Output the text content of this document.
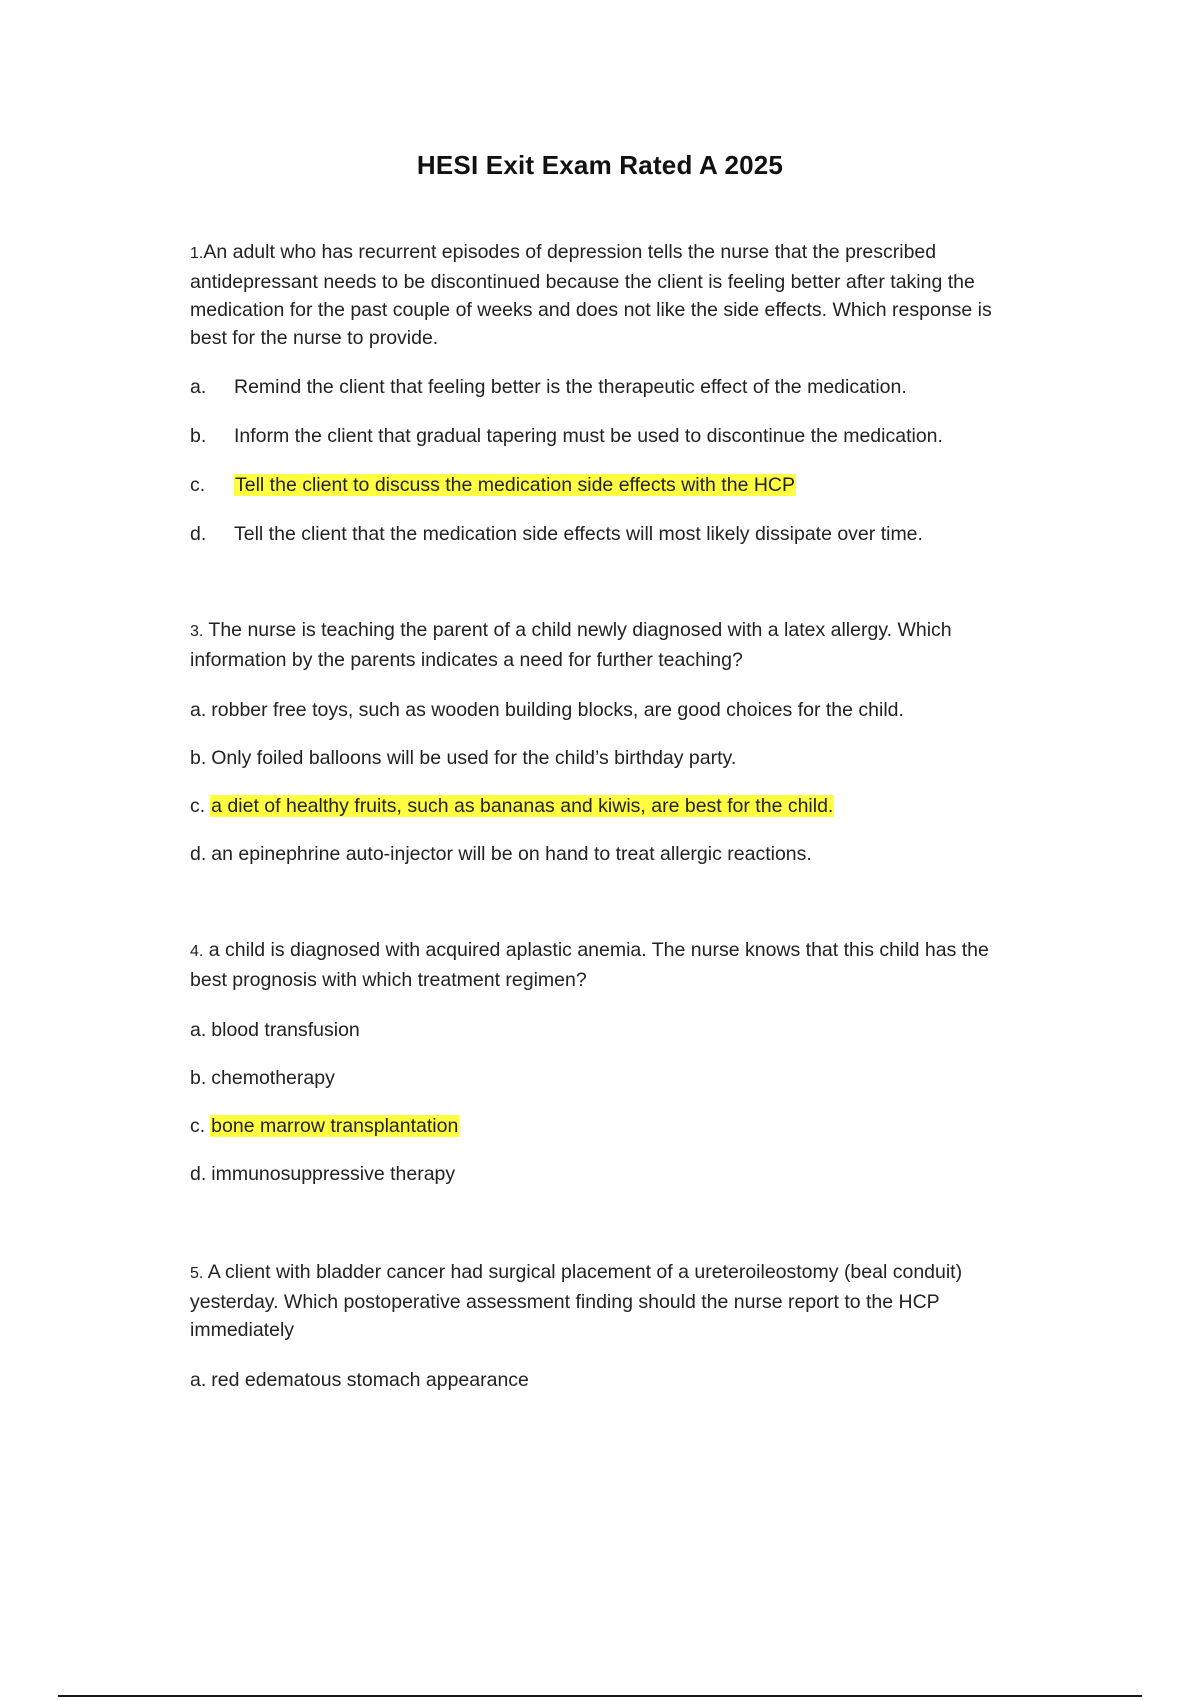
HESI Exit Exam Rated A 2025

1.An adult who has recurrent episodes of depression tells the nurse that the prescribed antidepressant needs to be discontinued because the client is feeling better after taking the medication for the past couple of weeks and does not like the side effects. Which response is best for the nurse to provide.

a.	Remind the client that feeling better is the therapeutic effect of the medication.
b.	Inform the client that gradual tapering must be used to discontinue the medication.
c.	Tell the client to discuss the medication side effects with the HCP
d.	Tell the client that the medication side effects will most likely dissipate over time.

3. The nurse is teaching the parent of a child newly diagnosed with a latex allergy. Which information by the parents indicates a need for further teaching?

a. robber free toys, such as wooden building blocks, are good choices for the child.
b. Only foiled balloons will be used for the child’s birthday party.
c. a diet of healthy fruits, such as bananas and kiwis, are best for the child.
d. an epinephrine auto-injector will be on hand to treat allergic reactions.

4. a child is diagnosed with acquired aplastic anemia. The nurse knows that this child has the best prognosis with which treatment regimen?

a. blood transfusion
b. chemotherapy
c. bone marrow transplantation
d. immunosuppressive therapy

5. A client with bladder cancer had surgical placement of a ureteroileostomy (beal conduit) yesterday. Which postoperative assessment finding should the nurse report to the HCP immediately

a. red edematous stomach appearance
